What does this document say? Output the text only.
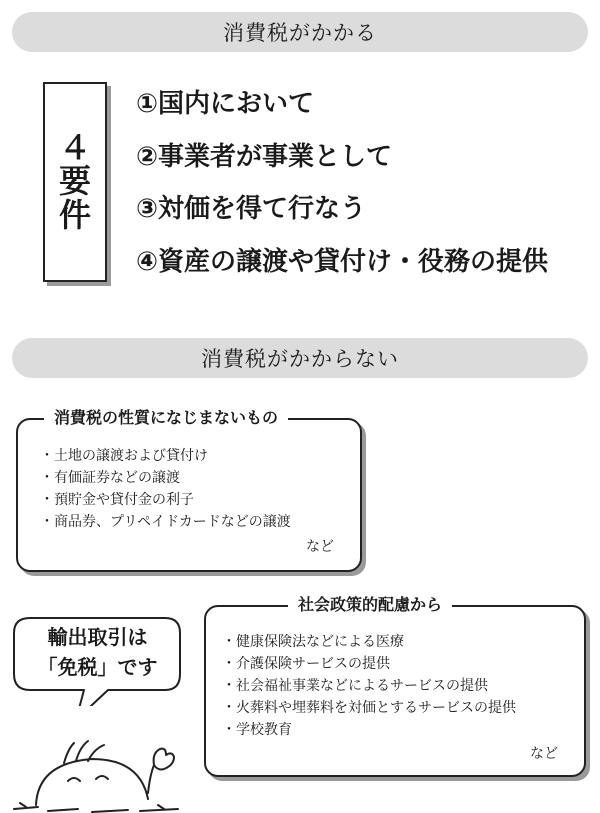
消費税がかかる
４
要
件
①国内において
②事業者が事業として
③対価を得て行なう
④資産の譲渡や貸付け・役務の提供
消費税がかからない
消費税の性質になじまないもの
・土地の譲渡および貸付け
・有価証券などの譲渡
・預貯金や貸付金の利子
・商品券、プリペイドカードなどの譲渡
など
輸出取引は
「免税」です
社会政策的配慮から
・健康保険法などによる医療
・介護保険サービスの提供
・社会福祉事業などによるサービスの提供
・火葬料や埋葬料を対価とするサービスの提供
・学校教育
など
